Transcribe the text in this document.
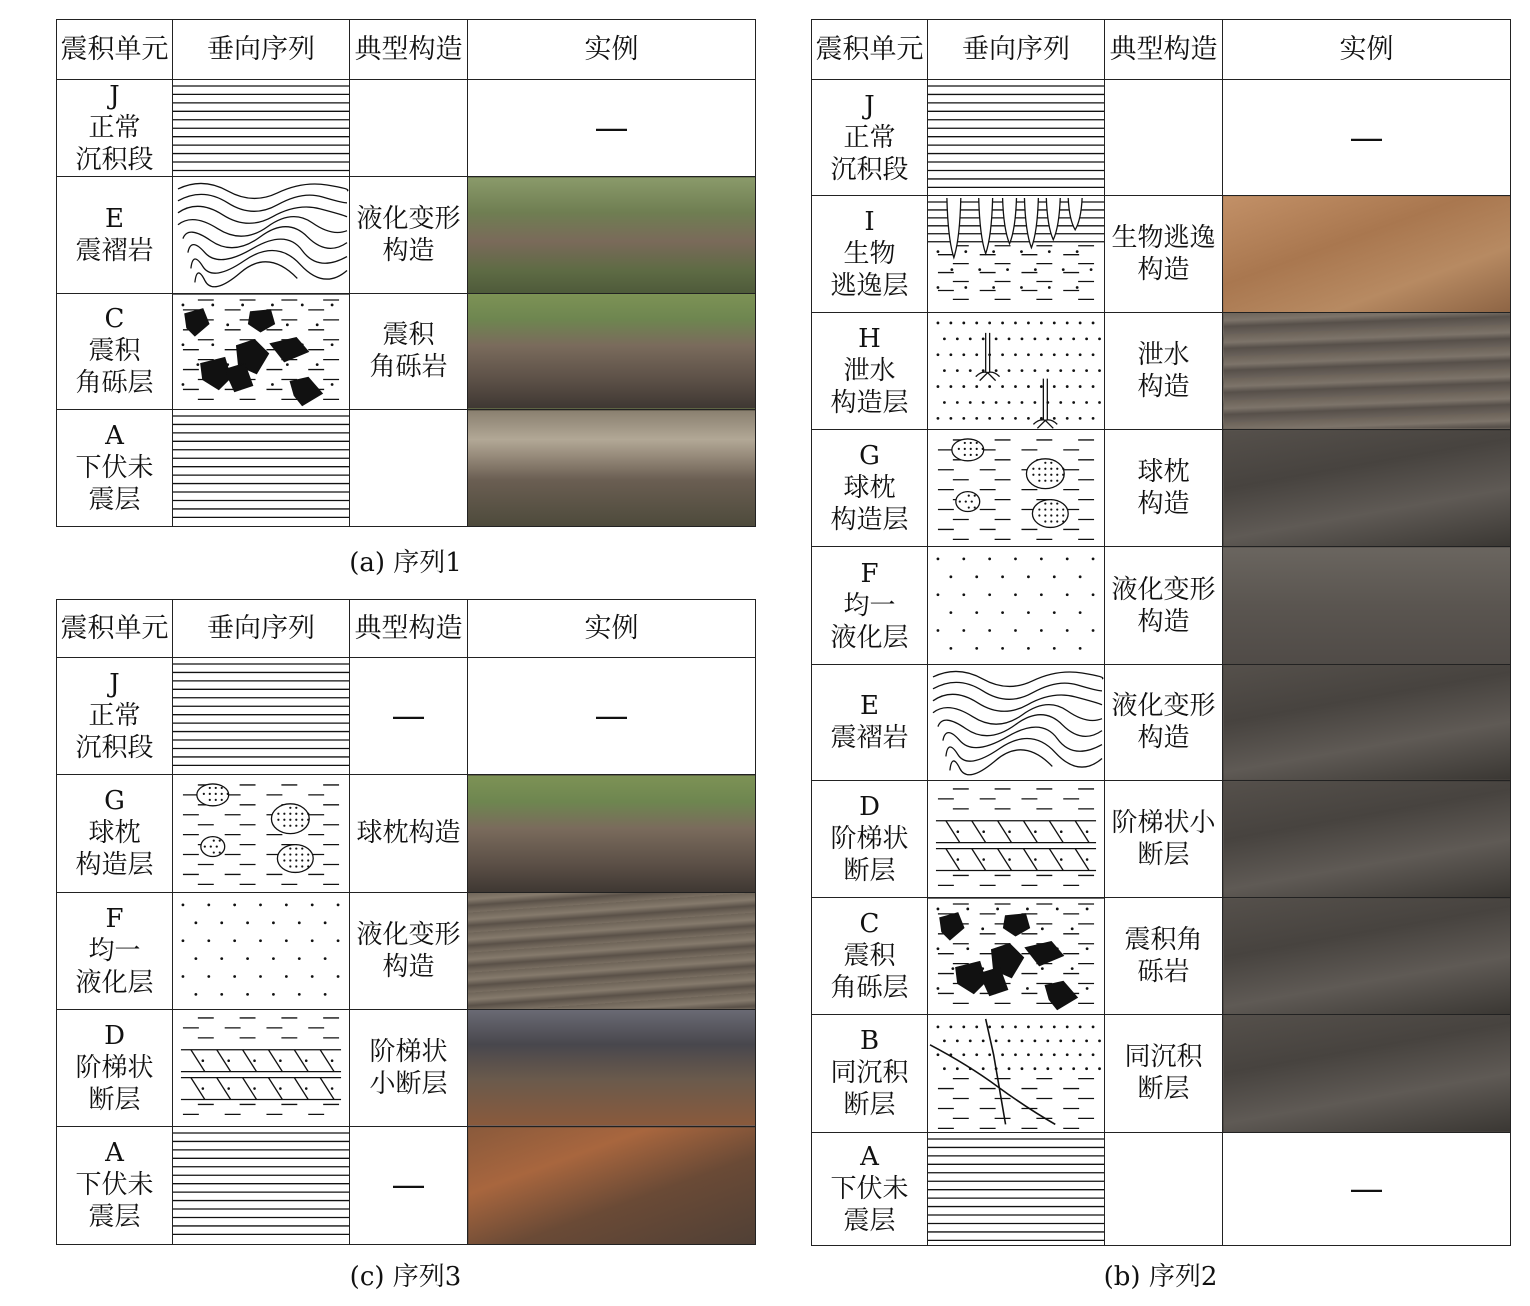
震积单元	垂向序列	典型构造	实例

J
正常
沉积段			—

E
震褶岩		液化变形
构造	

C
震积
角砾层		震积
角砾岩	

A
下伏未
震层

(a) 序列1
震积单元	垂向序列	典型构造	实例

J
正常
沉积段		—	—

G
球枕
构造层		球枕构造	

F
均一
液化层		液化变形
构造	

D
阶梯状
断层		阶梯状
小断层	

A
下伏未
震层		—	
(c) 序列3
震积单元	垂向序列	典型构造	实例

J
正常
沉积段			—

I
生物
逃逸层		生物逃逸
构造	

H
泄水
构造层		泄水
构造	

G
球枕
构造层		球枕
构造	

F
均一
液化层		液化变形
构造	

E
震褶岩		液化变形
构造	

D
阶梯状
断层		阶梯状小
断层	

C
震积
角砾层		震积角
砾岩	

B
同沉积
断层		同沉积
断层	

A
下伏未
震层			—
(b) 序列2
